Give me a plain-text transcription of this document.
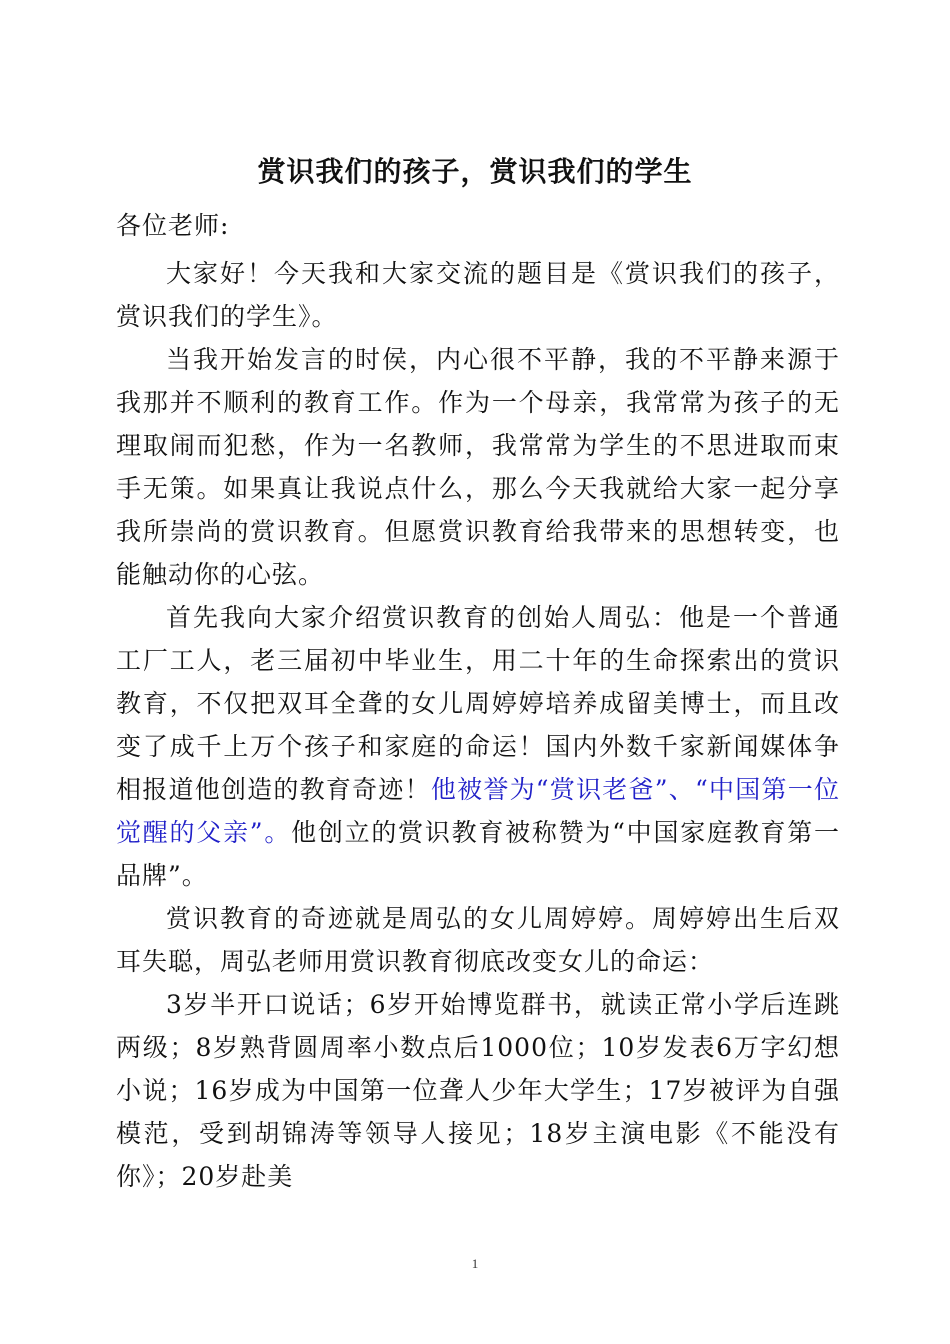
赏识我们的孩子，赏识我们的学生

各位老师:

大家好！今天我和大家交流的题目是《赏识我们的孩子，赏识我们的学生》。

当我开始发言的时侯，内心很不平静，我的不平静来源于我那并不顺利的教育工作。作为一个母亲，我常常为孩子的无理取闹而犯愁，作为一名教师，我常常为学生的不思进取而束手无策。如果真让我说点什么，那么今天我就给大家一起分享我所崇尚的赏识教育。但愿赏识教育给我带来的思想转变，也能触动你的心弦。

首先我向大家介绍赏识教育的创始人周弘：他是一个普通工厂工人，老三届初中毕业生，用二十年的生命探索出的赏识教育，不仅把双耳全聋的女儿周婷婷培养成留美博士，而且改变了成千上万个孩子和家庭的命运！国内外数千家新闻媒体争相报道他创造的教育奇迹！他被誉为“赏识老爸”、“中国第一位觉醒的父亲”。他创立的赏识教育被称赞为“中国家庭教育第一品牌”。

赏识教育的奇迹就是周弘的女儿周婷婷。周婷婷出生后双耳失聪，周弘老师用赏识教育彻底改变女儿的命运：

3岁半开口说话；6岁开始博览群书，就读正常小学后连跳两级；8岁熟背圆周率小数点后1000位；10岁发表6万字幻想小说；16岁成为中国第一位聋人少年大学生；17岁被评为自强模范，受到胡锦涛等领导人接见；18岁主演电影《不能没有你》；20岁赴美

1
